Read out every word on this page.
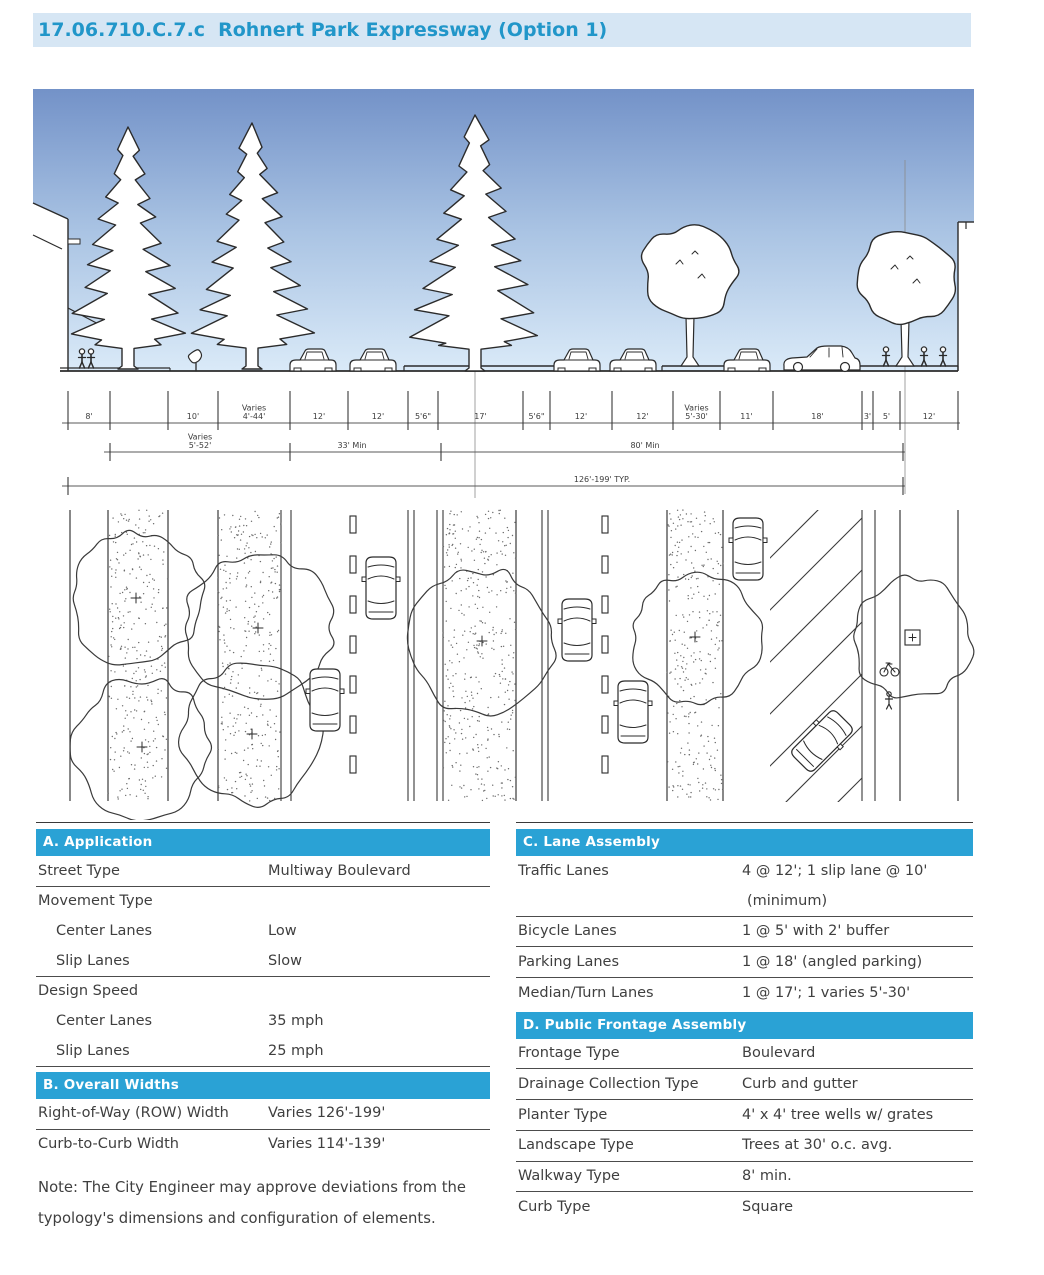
17.06.710.C.7.c Rohnert Park Expressway (Option 1)
8'	10'
Varies
4'-44'	12'	12'	5'6"	17'	5'6"	12'	12'
Varies
5'-30'	11'	18'	3' 5'	12'
Varies
5'-52'	33' Min	80' Min
126'-199' TYP.
A. Application
Street Type	Multiway Boulevard
Movement Type
Center Lanes	Low
Slip Lanes	Slow
Design Speed
Center Lanes	35 mph
Slip Lanes	25 mph
B. Overall Widths
Right-of-Way (ROW) Width	Varies 126'-199'
Curb-to-Curb Width	Varies 114'-139'

Note: The City Engineer may approve deviations from the typology's dimensions and configuration of elements.

C. Lane Assembly
Traffic Lanes	4 @ 12'; 1 slip lane @ 10'
(minimum)
Bicycle Lanes	1 @ 5' with 2' buffer
Parking Lanes	1 @ 18' (angled parking)
Median/Turn Lanes	1 @ 17'; 1 varies 5'-30'
D. Public Frontage Assembly
Frontage Type	Boulevard
Drainage Collection Type	Curb and gutter
Planter Type	4' x 4' tree wells w/ grates
Landscape Type	Trees at 30' o.c. avg.
Walkway Type	8' min.
Curb Type	Square
